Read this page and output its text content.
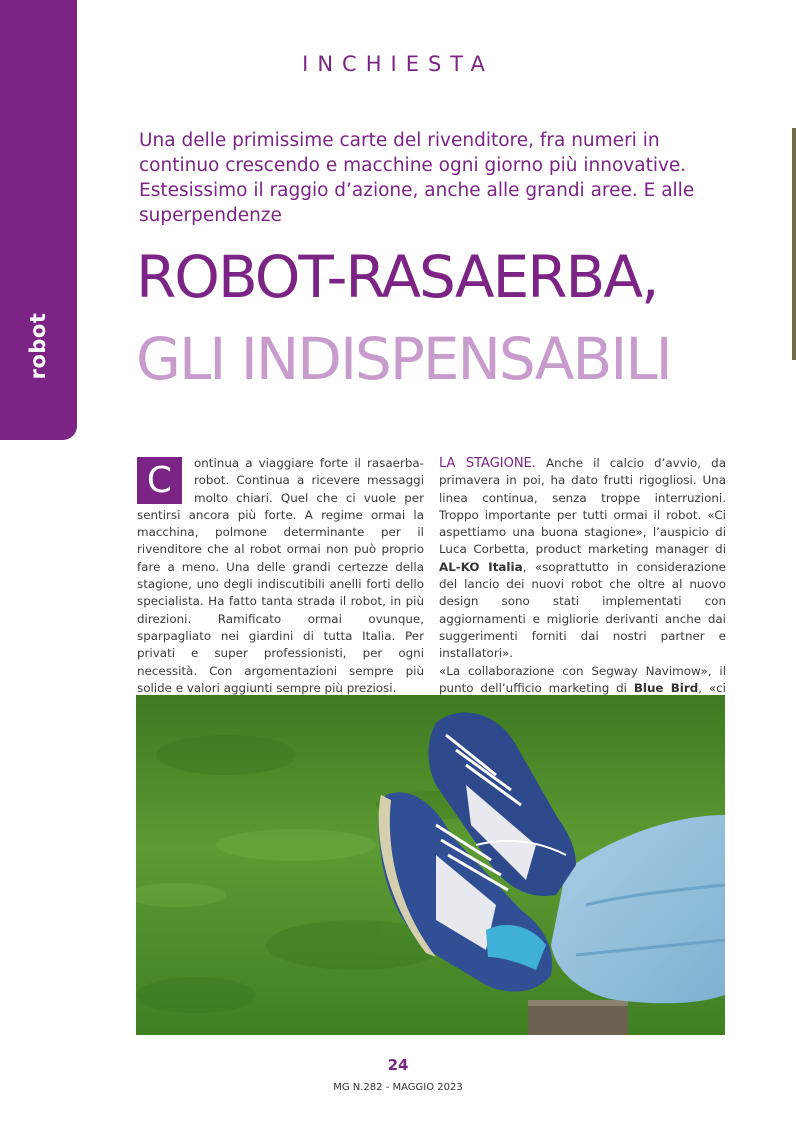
robot
INCHIESTA
Una delle primissime carte del rivenditore, fra numeri in continuo crescendo e macchine ogni giorno più innovative. Estesissimo il raggio d’azione, anche alle grandi aree. E alle superpendenze
ROBOT-RASAERBA,
GLI INDISPENSABILI

C	ontinua a viaggiare forte il rasaerba-robot. Continua a ricevere messaggi molto chiari. Quel che ci vuole per sentirsi ancora più forte. A regime ormai la macchina, polmone determinante per il rivenditore che al robot ormai non può proprio fare a meno. Una delle grandi certezze della stagione, uno degli indiscutibili anelli forti dello specialista. Ha fatto tanta strada il robot, in più direzioni. Ramificato ormai ovunque, sparpagliato nei giardini di tutta Italia. Per privati e super professionisti, per ogni necessità. Con argomentazioni sempre più solide e valori aggiunti sempre più preziosi.

LA STAGIONE. Anche il calcio d’avvio, da primavera in poi, ha dato frutti rigogliosi. Una linea continua, senza troppe interruzioni. Troppo importante per tutti ormai il robot. «Ci aspettiamo una buona stagione», l’auspicio di Luca Corbetta, product marketing manager di AL-KO Italia, «soprattutto in considerazione del lancio dei nuovi robot che oltre al nuovo design sono stati implementati con aggiornamenti e migliorie derivanti anche dai suggerimenti forniti dai nostri partner e installatori».

«La collaborazione con Segway Navimow», il punto dell’ufficio marketing di Blue Bird, «ci

24
MG N.282 - MAGGIO 2023
